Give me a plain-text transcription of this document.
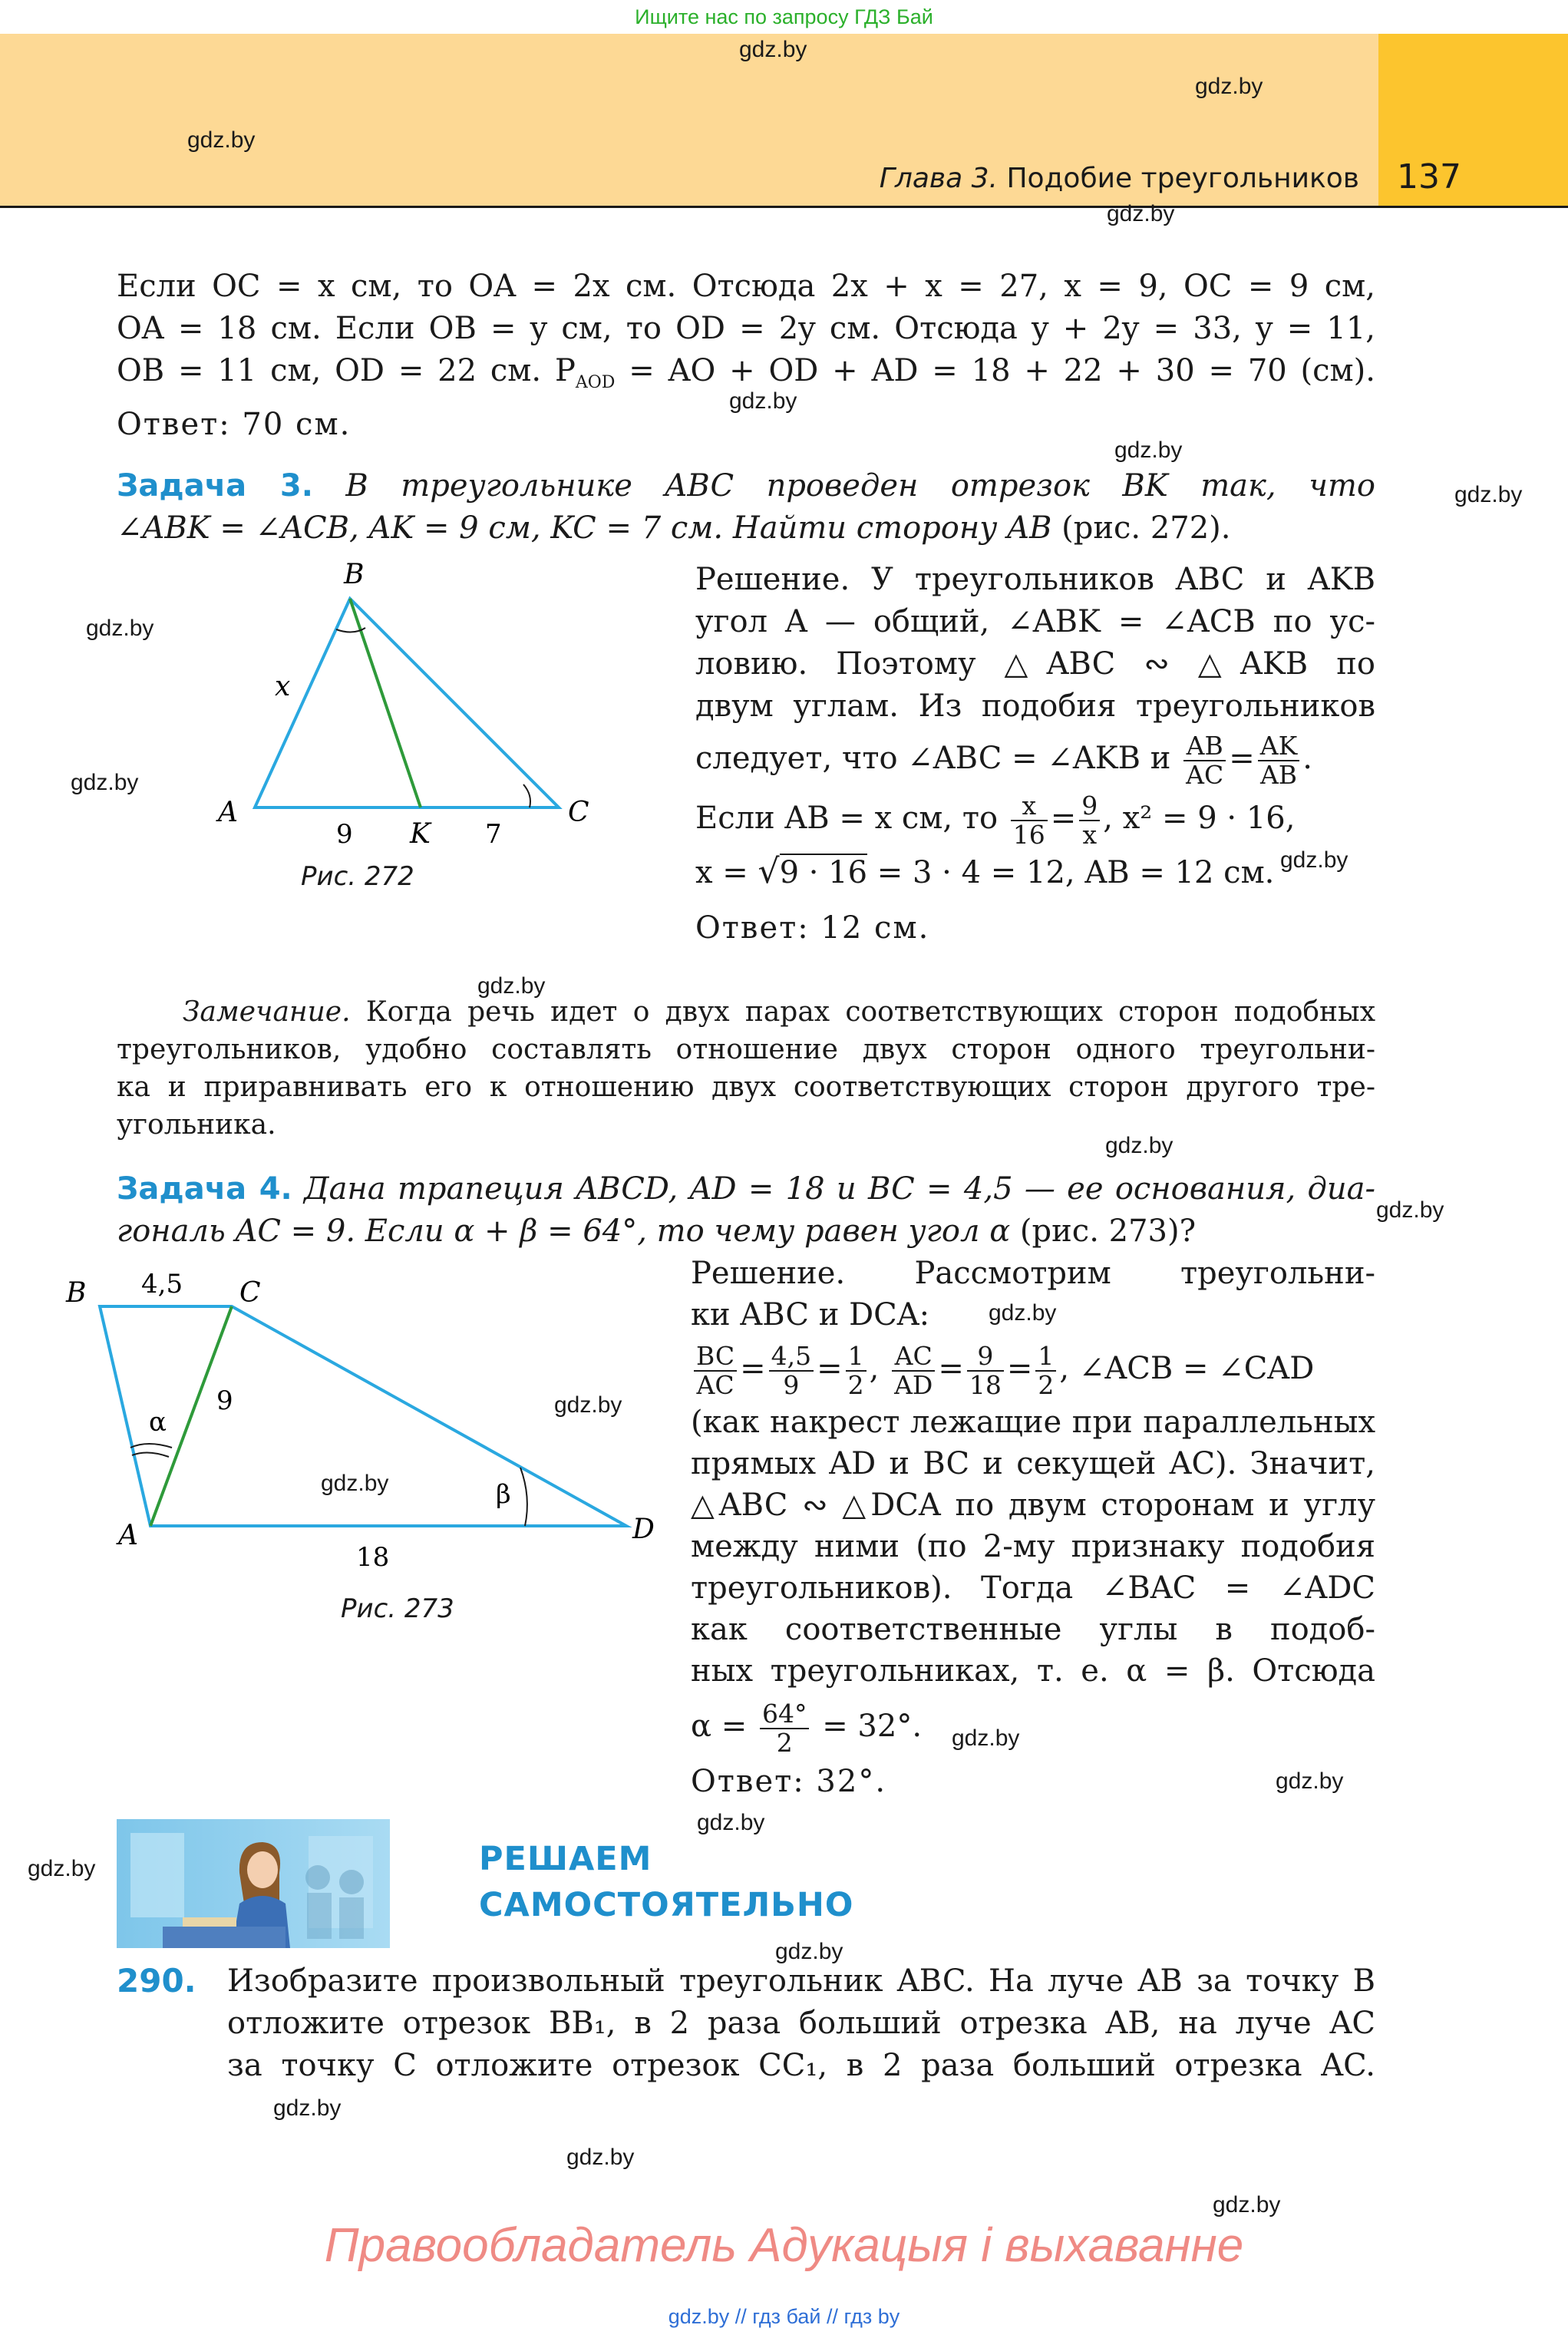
Ищите нас по запросу ГДЗ Бай
Глава 3. Подобие треугольников 137
gdz.by
gdz.by
gdz.by
gdz.by
gdz.by
gdz.by
gdz.by
gdz.by
gdz.by
gdz.by
gdz.by
gdz.by
gdz.by
gdz.by
gdz.by
gdz.by
gdz.by
gdz.by
gdz.by
gdz.by
gdz.by
gdz.by
gdz.by
gdz.by
Если OC = x см, то OA = 2x см. Отсюда 2x + x = 27, x = 9, OC = 9 см,
OA = 18 см. Если OB = y см, то OD = 2y см. Отсюда y + 2y = 33, y = 11,
OB = 11 см, OD = 22 см. $P_{AOD}$ = AO + OD + AD = 18 + 22 + 30 = 70 (см).
Ответ: 70 см.
Задача 3. В треугольнике ABC проведен отрезок BK так, что
∠ABK = ∠ACB, AK = 9 см, KC = 7 см. Найти сторону AB (рис. 272).
B
A	C
K
x
9	7
Рис. 272
Решение. У треугольников ABC и AKB
угол A — общий, ∠ABK = ∠ACB по ус-
ловию. Поэтому △ABC ∾ △AKB по
двум углам. Из подобия треугольников
следует, что ∠ABC = ∠AKB и $\frac{AB}{AC} = \frac{AK}{AB}$ .
Если AB = x см, то $\frac{x}{16} = \frac{9}{x}$ , x² = 9 · 16,
x = √9 · 16 = 3 · 4 = 12, AB = 12 см.
Ответ: 12 см.
Замечание. Когда речь идет о двух парах соответствующих сторон подобных
треугольников, удобно составлять отношение двух сторон одного треугольни-
ка и приравнивать его к отношению двух соответствующих сторон другого тре-
угольника.
Задача 4. Дана трапеция ABCD, AD = 18 и BC = 4,5 — ее основания, диа-
гональ AC = 9. Если α + β = 64°, то чему равен угол α (рис. 273)?
B	C
A	D
4,5
9
18
α
β
Рис. 273
Решение. Рассмотрим треугольни-
ки ABC и DCA:
$\frac{BC}{AC} = \frac{4,5}{9} = \frac{1}{2}$ , $\frac{AC}{AD} = \frac{9}{18} = \frac{1}{2}$ , ∠ACB = ∠CAD
(как накрест лежащие при параллельных
прямых AD и BC и секущей AC). Значит,
△ABC ∾ △DCA по двум сторонам и углу
между ними (по 2-му признаку подобия
треугольников). Тогда ∠BAC = ∠ADC
как соответственные углы в подоб-
ных треугольниках, т. е. α = β. Отсюда
$\alpha = \frac{64^\circ}{2} = 32^\circ$.
Ответ: 32°.
РЕШАЕМ
САМОСТОЯТЕЛЬНО
290. Изобразите произвольный треугольник ABC. На луче AB за точку B
отложите отрезок BB₁, в 2 раза больший отрезка AB, на луче AC
за точку C отложите отрезок CC₁, в 2 раза больший отрезка AC.
Правообладатель Адукацыя і выхаванне
gdz.by // гдз бай // гдз by
